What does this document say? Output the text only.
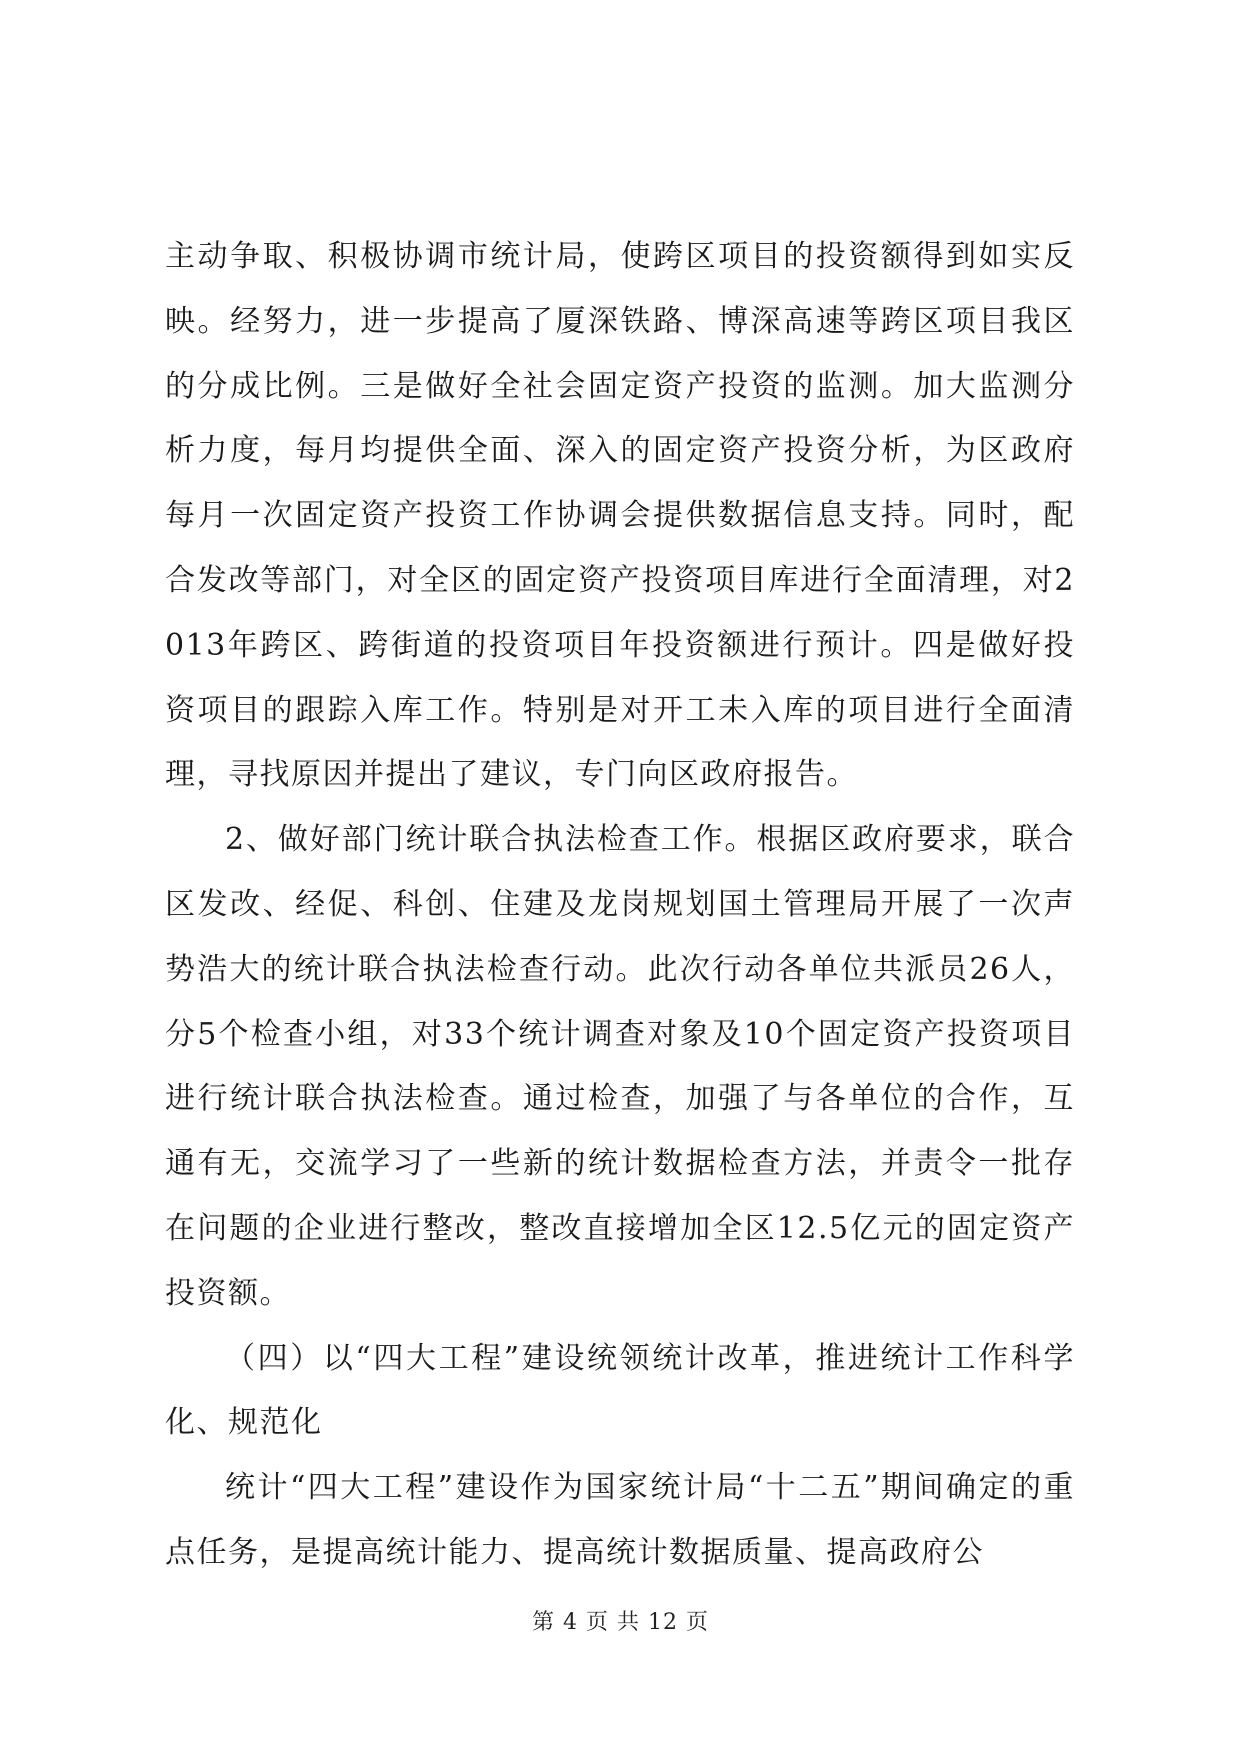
主动争取、积极协调市统计局，使跨区项目的投资额得到如实反映。经努力，进一步提高了厦深铁路、博深高速等跨区项目我区的分成比例。三是做好全社会固定资产投资的监测。加大监测分析力度，每月均提供全面、深入的固定资产投资分析，为区政府每月一次固定资产投资工作协调会提供数据信息支持。同时，配合发改等部门，对全区的固定资产投资项目库进行全面清理，对2013年跨区、跨街道的投资项目年投资额进行预计。四是做好投资项目的跟踪入库工作。特别是对开工未入库的项目进行全面清理，寻找原因并提出了建议，专门向区政府报告。

2、做好部门统计联合执法检查工作。根据区政府要求，联合区发改、经促、科创、住建及龙岗规划国土管理局开展了一次声势浩大的统计联合执法检查行动。此次行动各单位共派员26人，分5个检查小组，对33个统计调查对象及10个固定资产投资项目进行统计联合执法检查。通过检查，加强了与各单位的合作，互通有无，交流学习了一些新的统计数据检查方法，并责令一批存在问题的企业进行整改，整改直接增加全区12.5亿元的固定资产投资额。

（四）以“四大工程”建设统领统计改革，推进统计工作科学化、规范化

统计“四大工程”建设作为国家统计局“十二五”期间确定的重点任务，是提高统计能力、提高统计数据质量、提高政府公

第 4 页 共 12 页
